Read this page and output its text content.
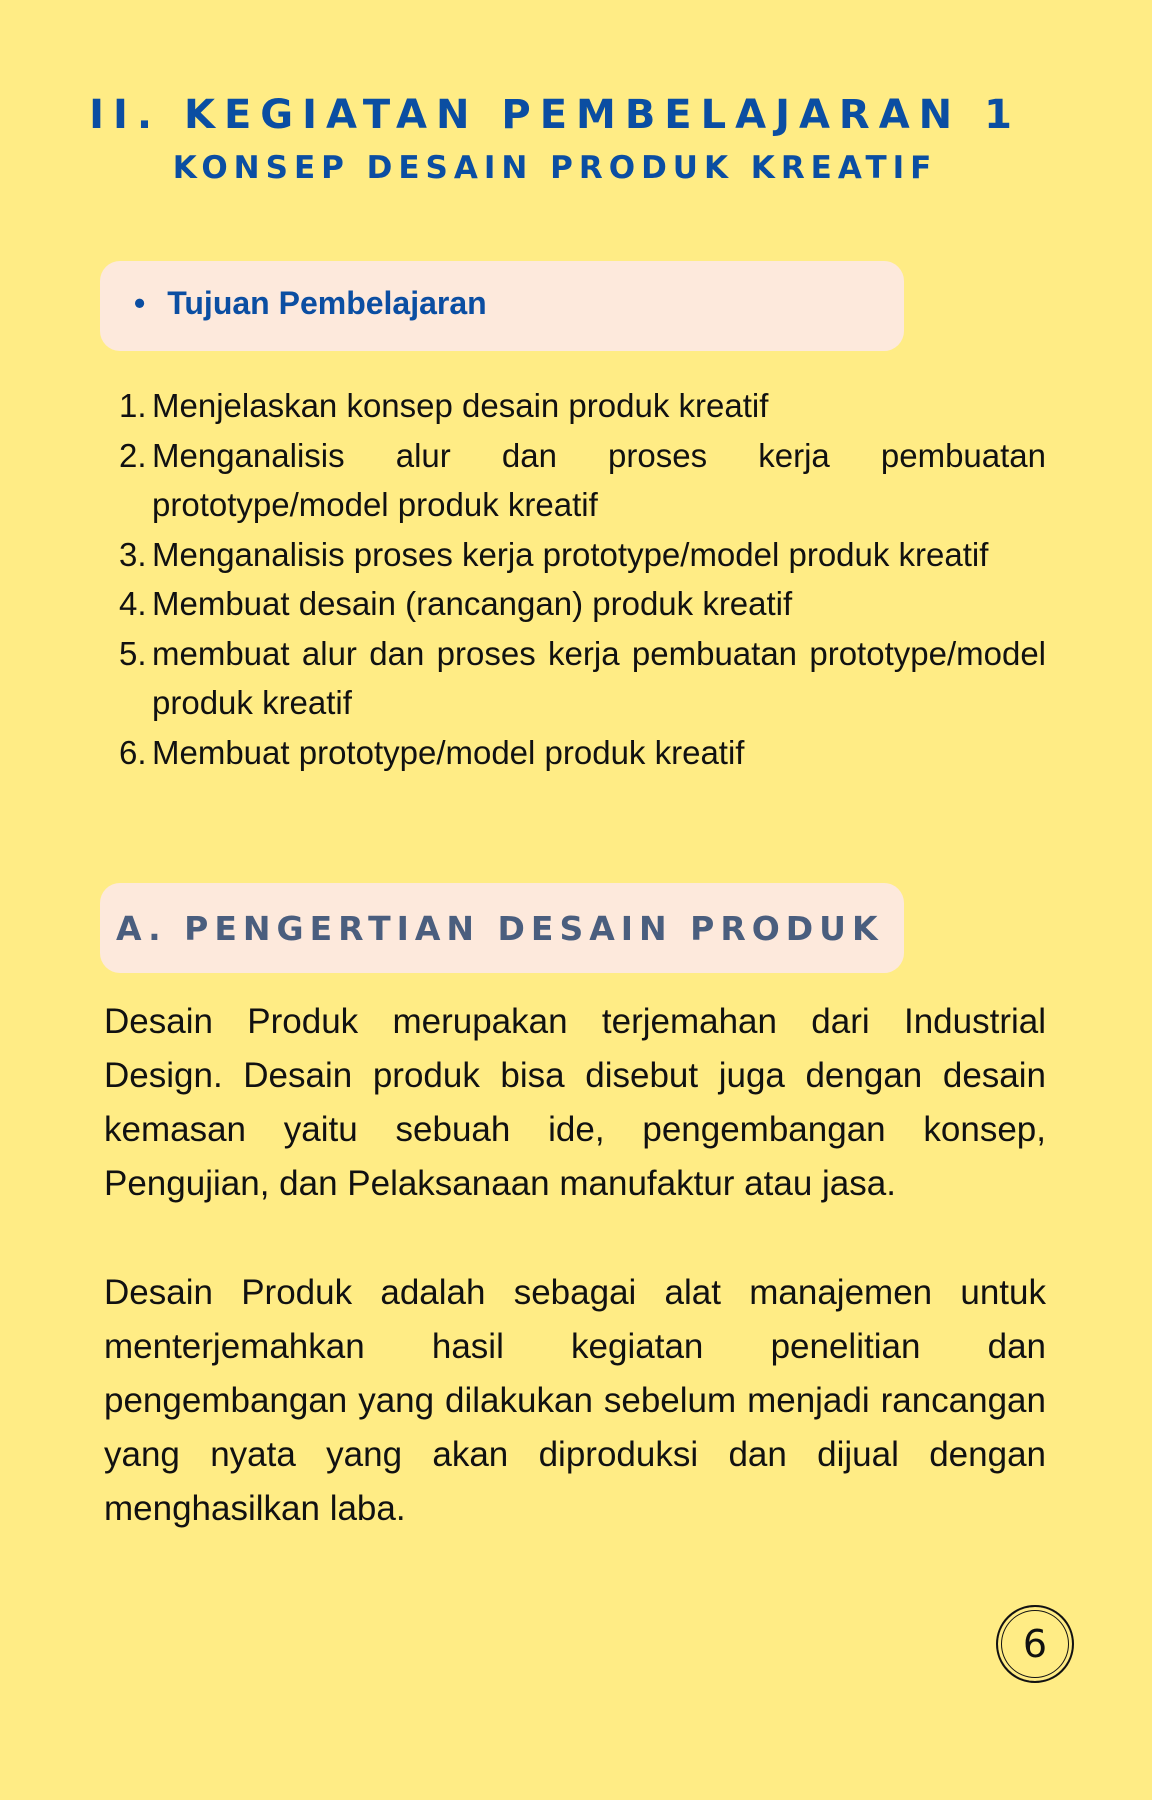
II. KEGIATAN PEMBELAJARAN 1
KONSEP DESAIN PRODUK KREATIF
• Tujuan Pembelajaran
1. Menjelaskan konsep desain produk kreatif
2. Menganalisis alur dan proses kerja pembuatan prototype/model produk kreatif
3. Menganalisis proses kerja prototype/model produk kreatif
4. Membuat desain (rancangan) produk kreatif
5. membuat alur dan proses kerja pembuatan prototype/model produk kreatif
6. Membuat prototype/model produk kreatif
A. PENGERTIAN DESAIN PRODUK

Desain Produk merupakan terjemahan dari Industrial Design. Desain produk bisa disebut juga dengan desain kemasan yaitu sebuah ide, pengembangan konsep, Pengujian, dan Pelaksanaan manufaktur atau jasa.

Desain Produk adalah sebagai alat manajemen untuk menterjemahkan hasil kegiatan penelitian dan pengembangan yang dilakukan sebelum menjadi rancangan yang nyata yang akan diproduksi dan dijual dengan menghasilkan laba.

6
